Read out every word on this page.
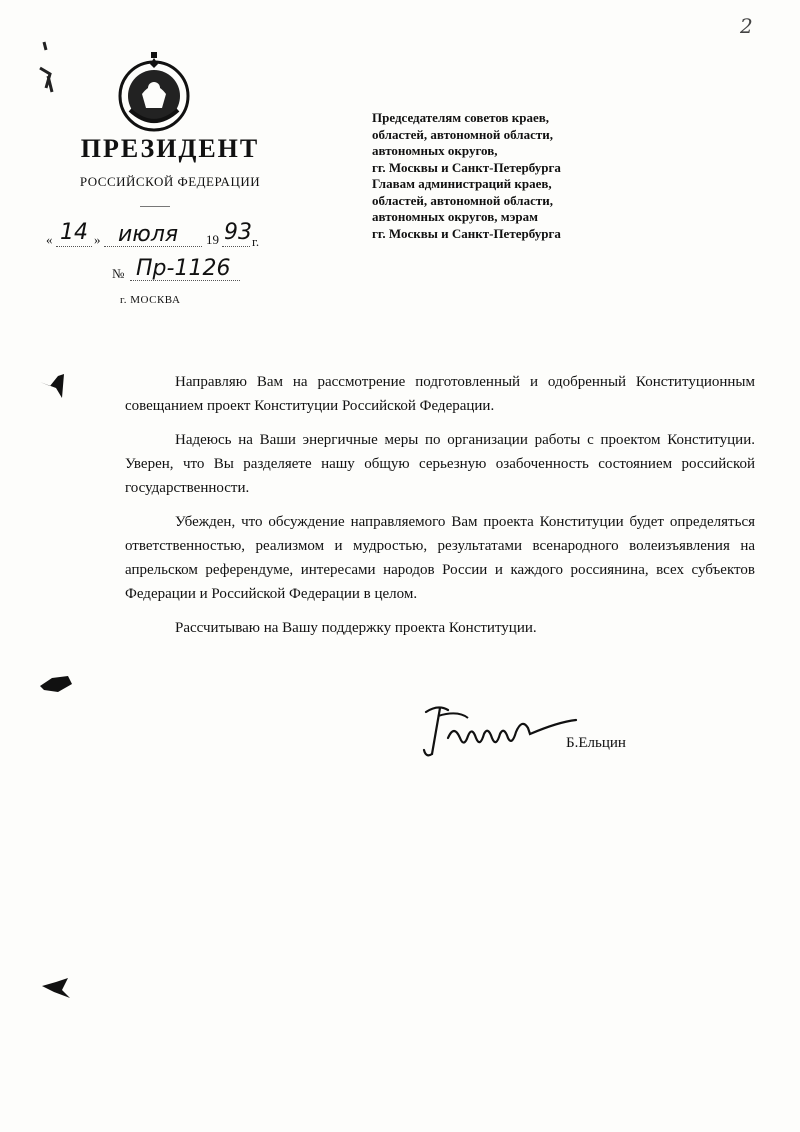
2
ПРЕЗИДЕНТ
РОССИЙСКОЙ ФЕДЕРАЦИИ
« 14 » июля 19 93 г.
№ Пр-1126
г. МОСКВА
Председателям советов краев,
областей, автономной области,
автономных округов,
гг. Москвы и Санкт-Петербурга
Главам администраций краев,
областей, автономной области,
автономных округов, мэрам
гг. Москвы и Санкт-Петербурга

Направляю Вам на рассмотрение подготовленный и одобренный Конституционным совещанием проект Конституции Российской Федерации.

Надеюсь на Ваши энергичные меры по организации работы с проектом Конституции. Уверен, что Вы разделяете нашу общую серьезную озабоченность состоянием российской государственности.

Убежден, что обсуждение направляемого Вам проекта Конституции будет определяться ответственностью, реализмом и мудростью, результатами всенародного волеизъявления на апрельском референдуме, интересами народов России и каждого россиянина, всех субъектов Федерации и Российской Федерации в целом.

Рассчитываю на Вашу поддержку проекта Конституции.

Б.Ельцин
